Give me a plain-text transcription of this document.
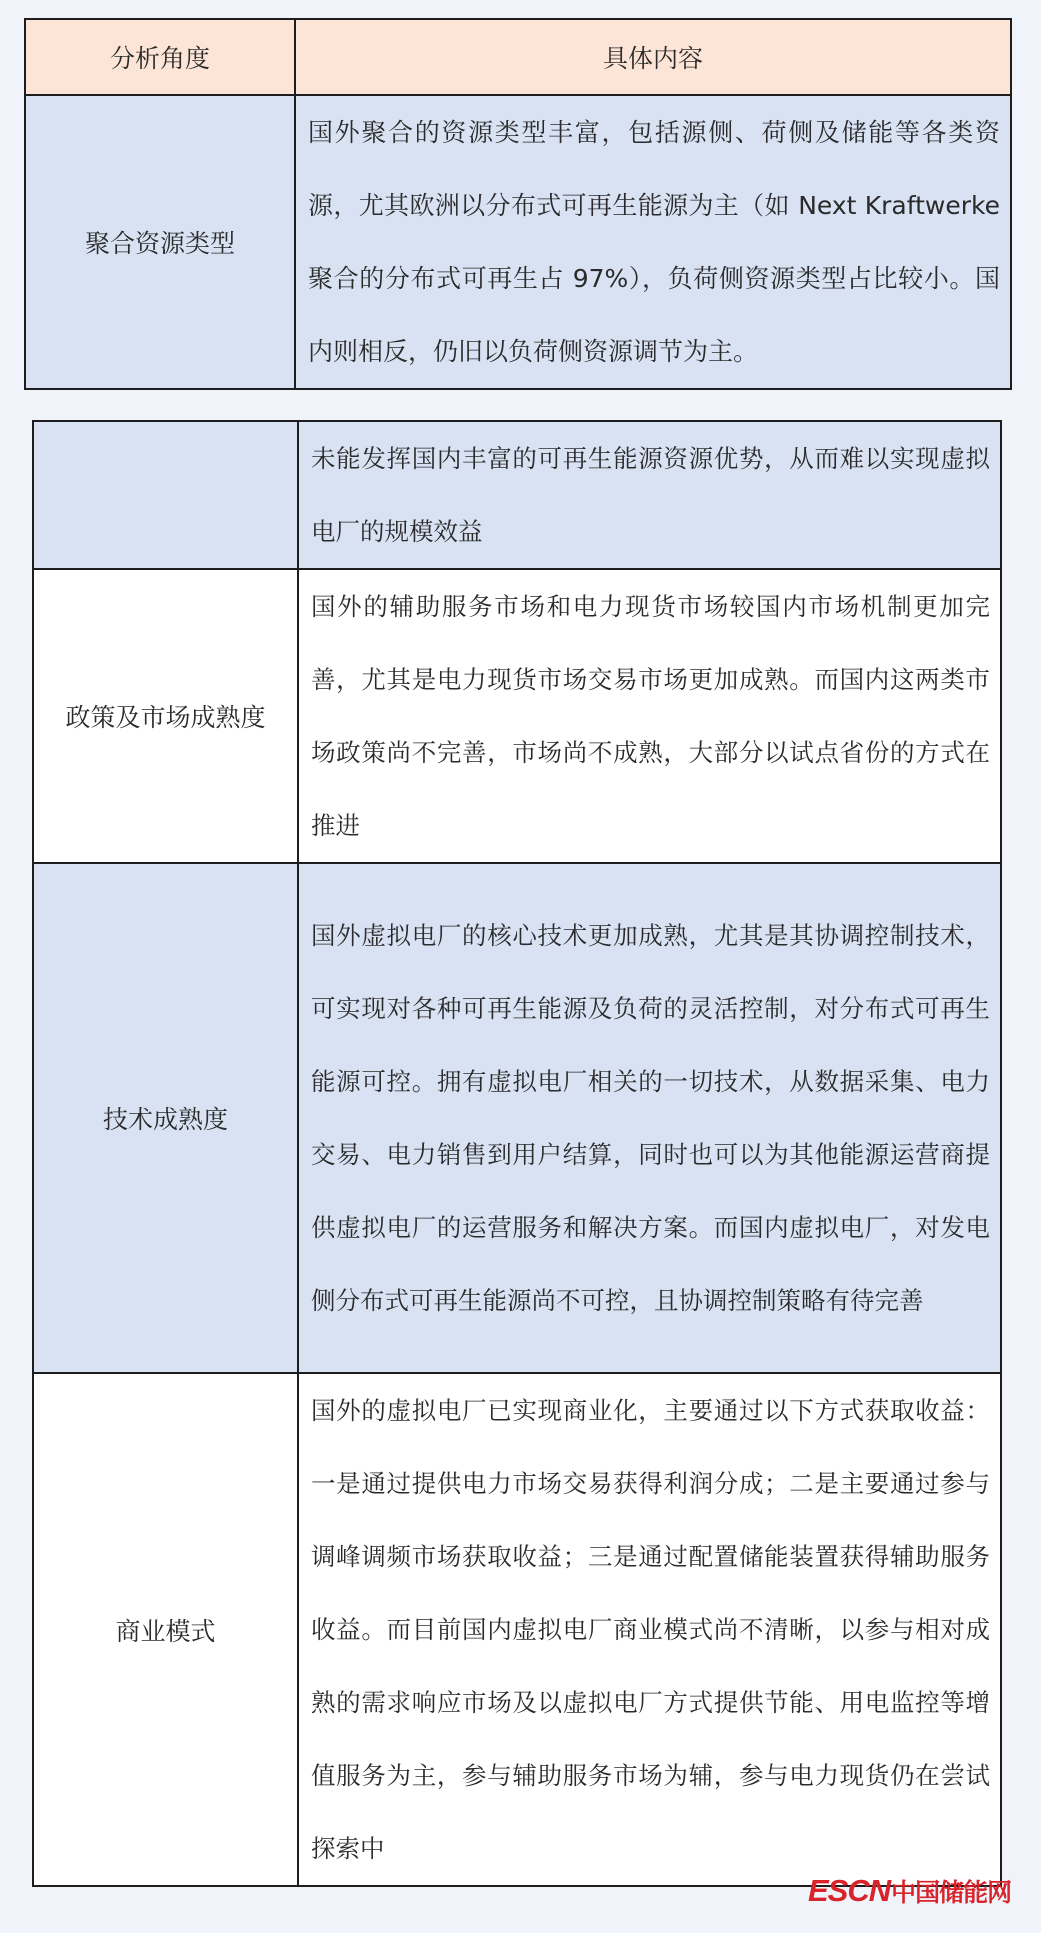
分析角度	具体内容
聚合资源类型	国外聚合的资源类型丰富，包括源侧、荷侧及储能等各类资源，尤其欧洲以分布式可再生能源为主（如 Next Kraftwerke 聚合的分布式可再生占 97%），负荷侧资源类型占比较小。国内则相反，仍旧以负荷侧资源调节为主。
	未能发挥国内丰富的可再生能源资源优势，从而难以实现虚拟电厂的规模效益
政策及市场成熟度	国外的辅助服务市场和电力现货市场较国内市场机制更加完善，尤其是电力现货市场交易市场更加成熟。而国内这两类市场政策尚不完善，市场尚不成熟，大部分以试点省份的方式在推进
技术成熟度	国外虚拟电厂的核心技术更加成熟，尤其是其协调控制技术，可实现对各种可再生能源及负荷的灵活控制，对分布式可再生能源可控。拥有虚拟电厂相关的一切技术，从数据采集、电力交易、电力销售到用户结算，同时也可以为其他能源运营商提供虚拟电厂的运营服务和解决方案。而国内虚拟电厂，对发电侧分布式可再生能源尚不可控，且协调控制策略有待完善
商业模式	国外的虚拟电厂已实现商业化，主要通过以下方式获取收益：一是通过提供电力市场交易获得利润分成；二是主要通过参与调峰调频市场获取收益；三是通过配置储能装置获得辅助服务收益。而目前国内虚拟电厂商业模式尚不清晰，以参与相对成熟的需求响应市场及以虚拟电厂方式提供节能、用电监控等增值服务为主，参与辅助服务市场为辅，参与电力现货仍在尝试探索中
ESCN 中国储能网
